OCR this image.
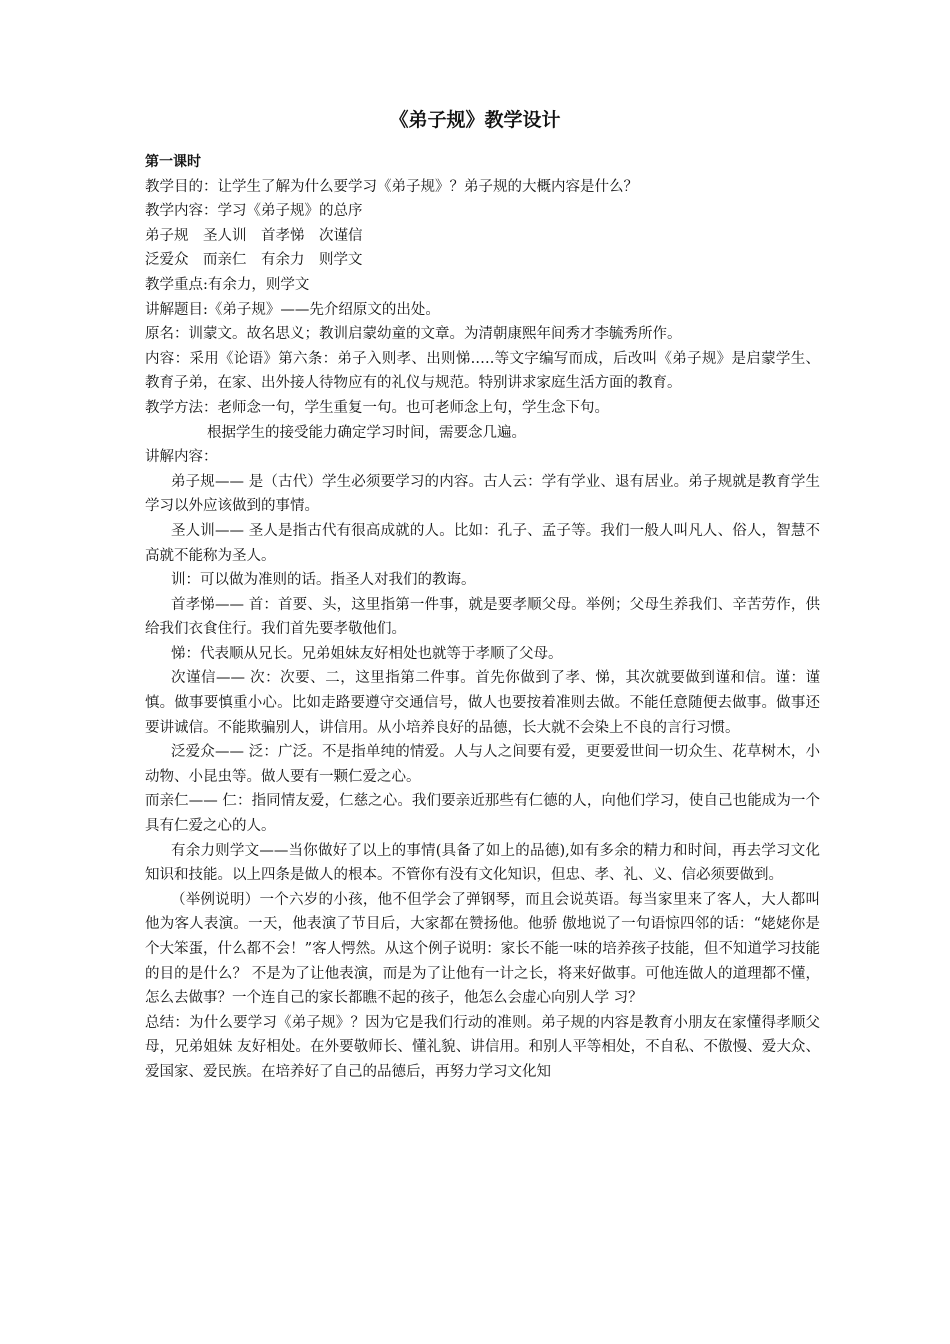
《弟子规》教学设计
第一课时
教学目的：让学生了解为什么要学习《弟子规》？弟子规的大概内容是什么？
教学内容：学习《弟子规》的总序
弟子规　圣人训　首孝悌　次谨信
泛爱众　而亲仁　有余力　则学文
教学重点:有余力，则学文
讲解题目:《弟子规》——先介绍原文的出处。
原名：训蒙文。故名思义；教训启蒙幼童的文章。为清朝康熙年间秀才李毓秀所作。
内容：采用《论语》第六条：弟子入则孝、出则悌.….等文字编写而成，后改叫《弟子规》是启蒙学生、教育子弟，在家、出外接人待物应有的礼仪与规范。特别讲求家庭生活方面的教育。
教学方法：老师念一句，学生重复一句。也可老师念上句，学生念下句。
根据学生的接受能力确定学习时间，需要念几遍。
讲解内容：
弟子规—— 是（古代）学生必须要学习的内容。古人云：学有学业、退有居业。弟子规就是教育学生学习以外应该做到的事情。
圣人训—— 圣人是指古代有很高成就的人。比如：孔子、孟子等。我们一般人叫凡人、俗人，智慧不高就不能称为圣人。
训：可以做为准则的话。指圣人对我们的教诲。
首孝悌—— 首：首要、头，这里指第一件事，就是要孝顺父母。举例；父母生养我们、辛苦劳作，供给我们衣食住行。我们首先要孝敬他们。
悌：代表顺从兄长。兄弟姐妹友好相处也就等于孝顺了父母。
次谨信—— 次：次要、二，这里指第二件事。首先你做到了孝、悌，其次就要做到谨和信。谨：谨慎。做事要慎重小心。比如走路要遵守交通信号，做人也要按着准则去做。不能任意随便去做事。做事还要讲诚信。不能欺骗别人，讲信用。从小培养良好的品德，长大就不会染上不良的言行习惯。
泛爱众—— 泛：广泛。不是指单纯的情爱。人与人之间要有爱，更要爱世间一切众生、花草树木，小动物、小昆虫等。做人要有一颗仁爱之心。
而亲仁—— 仁：指同情友爱，仁慈之心。我们要亲近那些有仁德的人，向他们学习，使自己也能成为一个具有仁爱之心的人。
有余力则学文——当你做好了以上的事情(具备了如上的品德),如有多余的精力和时间，再去学习文化知识和技能。以上四条是做人的根本。不管你有没有文化知识，但忠、孝、礼、义、信必须要做到。
（举例说明）一个六岁的小孩，他不但学会了弹钢琴，而且会说英语。每当家里来了客人，大人都叫他为客人表演。一天，他表演了节目后，大家都在赞扬他。他骄 傲地说了一句语惊四邻的话：“姥姥你是个大笨蛋，什么都不会！”客人愕然。从这个例子说明：家长不能一味的培养孩子技能，但不知道学习技能的目的是什么？ 不是为了让他表演，而是为了让他有一计之长，将来好做事。可他连做人的道理都不懂，怎么去做事？一个连自己的家长都瞧不起的孩子，他怎么会虚心向别人学 习？
总结：为什么要学习《弟子规》？因为它是我们行动的准则。弟子规的内容是教育小朋友在家懂得孝顺父母，兄弟姐妹 友好相处。在外要敬师长、懂礼貌、讲信用。和别人平等相处，不自私、不傲慢、爱大众、爱国家、爱民族。在培养好了自己的品德后，再努力学习文化知
